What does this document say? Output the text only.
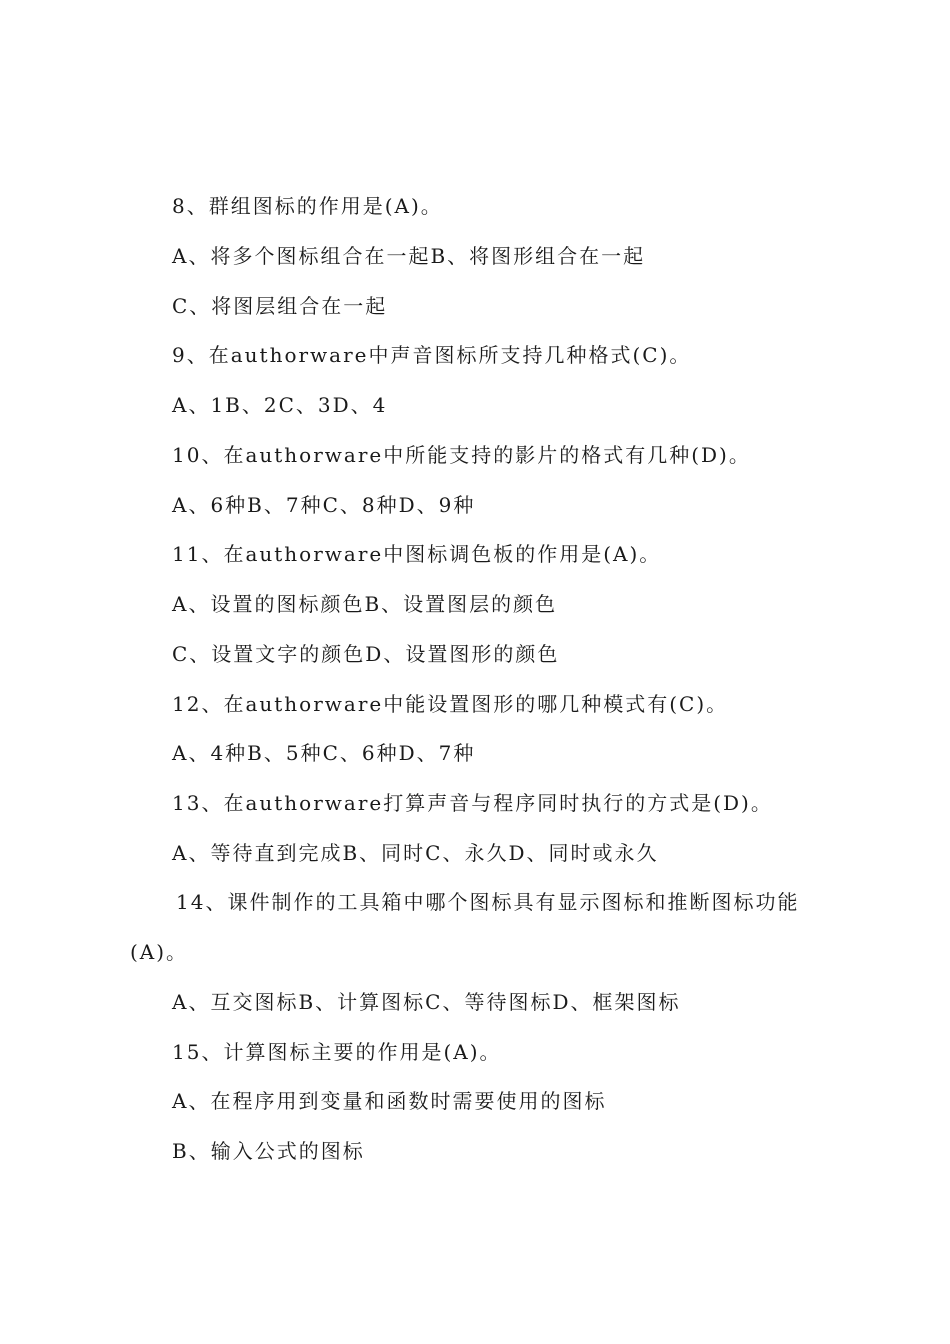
8、群组图标的作用是(A)。
A、将多个图标组合在一起B、将图形组合在一起
C、将图层组合在一起
9、在authorware中声音图标所支持几种格式(C)。
A、1B、2C、3D、4
10、在authorware中所能支持的影片的格式有几种(D)。
A、6种B、7种C、8种D、9种
11、在authorware中图标调色板的作用是(A)。
A、设置的图标颜色B、设置图层的颜色
C、设置文字的颜色D、设置图形的颜色
12、在authorware中能设置图形的哪几种模式有(C)。
A、4种B、5种C、6种D、7种
13、在authorware打算声音与程序同时执行的方式是(D)。
A、等待直到完成B、同时C、永久D、同时或永久
14、课件制作的工具箱中哪个图标具有显示图标和推断图标功能
(A)。
A、互交图标B、计算图标C、等待图标D、框架图标
15、计算图标主要的作用是(A)。
A、在程序用到变量和函数时需要使用的图标
B、输入公式的图标
